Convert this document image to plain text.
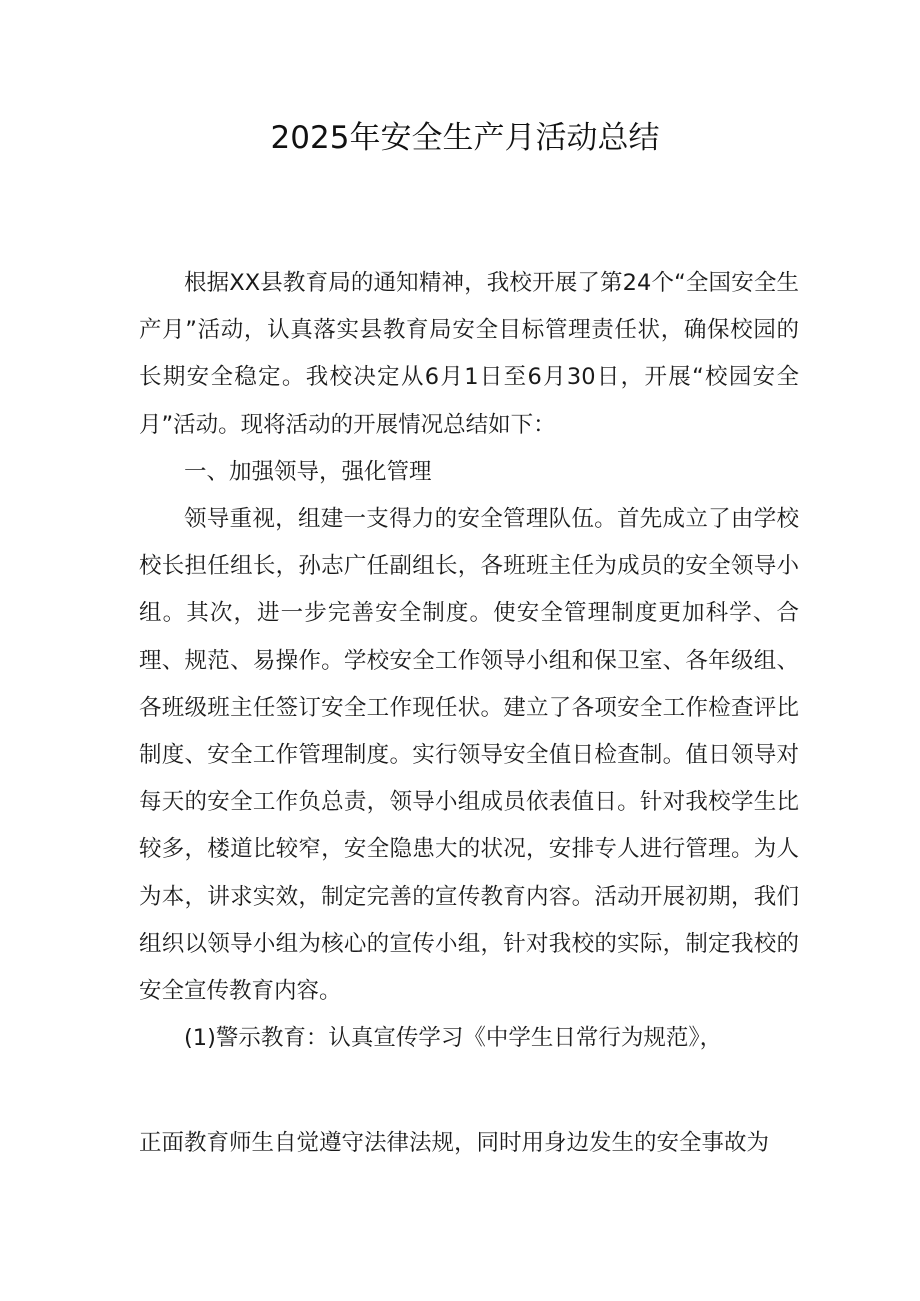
2025年安全生产月活动总结

根据XX县教育局的通知精神，我校开展了第24个“全国安全生产月”活动，认真落实县教育局安全目标管理责任状，确保校园的长期安全稳定。我校决定从6月1日至6月30日，开展“校园安全月”活动。现将活动的开展情况总结如下：

一、加强领导，强化管理

领导重视，组建一支得力的安全管理队伍。首先成立了由学校校长担任组长，孙志广任副组长，各班班主任为成员的安全领导小组。其次，进一步完善安全制度。使安全管理制度更加科学、合理、规范、易操作。学校安全工作领导小组和保卫室、各年级组、各班级班主任签订安全工作现任状。建立了各项安全工作检查评比制度、安全工作管理制度。实行领导安全值日检查制。值日领导对每天的安全工作负总责，领导小组成员依表值日。针对我校学生比较多，楼道比较窄，安全隐患大的状况，安排专人进行管理。为人为本，讲求实效，制定完善的宣传教育内容。活动开展初期，我们组织以领导小组为核心的宣传小组，针对我校的实际，制定我校的安全宣传教育内容。

(1)警示教育：认真宣传学习《中学生日常行为规范》，

正面教育师生自觉遵守法律法规，同时用身边发生的安全事故为
